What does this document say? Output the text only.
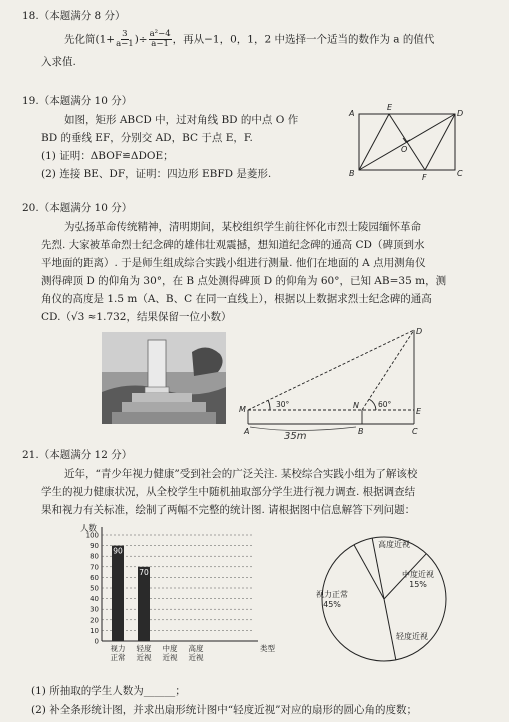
18.（本题满分 8 分）
先化简($1+ \frac{3}{a-1}$ )÷ $\frac{\text{a²−4}}{a-1}$ ，再从−1，0，1，2 中选择一个适当的数作为 a 的值代
入求值.
19.（本题满分 10 分）
如图，矩形 ABCD 中，过对角线 BD 的中点 O 作
BD 的垂线 EF，分别交 AD，BC 于点 E，F.
(1) 证明：ΔBOF≌ΔDOE；
(2) 连接 BE、DF，证明：四边形 EBFD 是菱形.
A
E
D
O
B	F	C
20.（本题满分 10 分）
为弘扬革命传统精神，清明期间，某校组织学生前往怀化市烈士陵园缅怀革命
先烈. 大家被革命烈士纪念碑的雄伟壮观震撼，想知道纪念碑的通高 CD（碑顶到水
平地面的距离）. 于是师生组成综合实践小组进行测量. 他们在地面的 A 点用测角仪
测得碑顶 D 的仰角为 30°，在 B 点处测得碑顶 D 的仰角为 60°，已知 AB=35 m，测
角仪的高度是 1.5 m（A、B、C 在同一直线上），根据以上数据求烈士纪念碑的通高
CD.（√3 ≈1.732，结果保留一位小数）
D
M	N
E
A	B	C
30°	60°
35m
21.（本题满分 12 分）
近年，“青少年视力健康”受到社会的广泛关注. 某校综合实践小组为了解该校
学生的视力健康状况，从全校学生中随机抽取部分学生进行视力调查. 根据调查结
果和视力有关标准，绘制了两幅不完整的统计图. 请根据图中信息解答下列问题：
人数
0
10
20
30
40
50
60
70
80
90
100
90
视力
正常
70
轻度
近视
中度
近视
高度
近视
类型
视力正常
45%
轻度近视
中度近视
15%
高度近视
(1) 所抽取的学生人数为______；
(2) 补全条形统计图，并求出扇形统计图中“轻度近视”对应的扇形的圆心角的度数；
